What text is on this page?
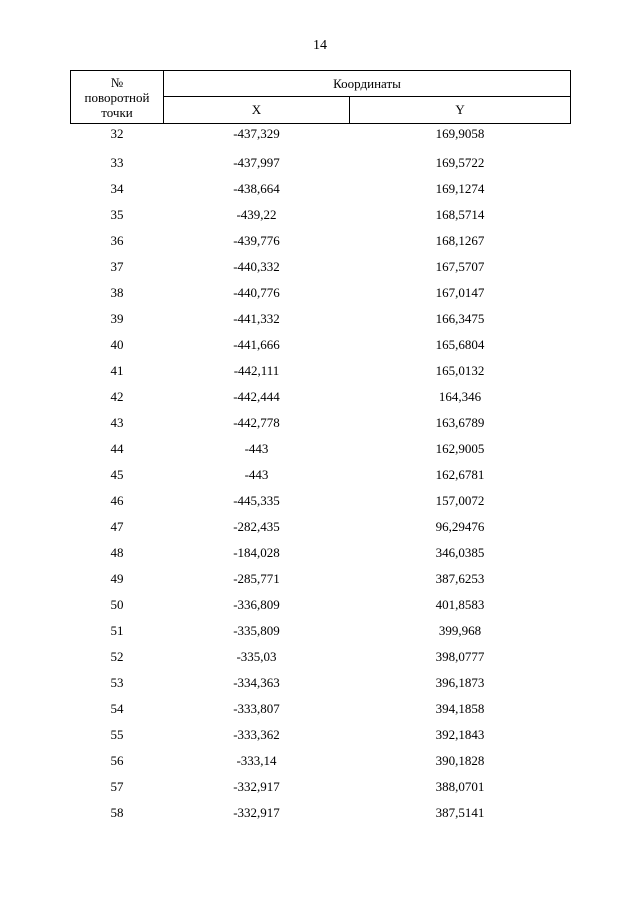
14
№
поворотной
точки	Координаты	
	X	Y
32	-437,329	169,9058
33	-437,997	169,5722
34	-438,664	169,1274
35	-439,22	168,5714
36	-439,776	168,1267
37	-440,332	167,5707
38	-440,776	167,0147
39	-441,332	166,3475
40	-441,666	165,6804
41	-442,111	165,0132
42	-442,444	164,346
43	-442,778	163,6789
44	-443	162,9005
45	-443	162,6781
46	-445,335	157,0072
47	-282,435	96,29476
48	-184,028	346,0385
49	-285,771	387,6253
50	-336,809	401,8583
51	-335,809	399,968
52	-335,03	398,0777
53	-334,363	396,1873
54	-333,807	394,1858
55	-333,362	392,1843
56	-333,14	390,1828
57	-332,917	388,0701
58	-332,917	387,5141
